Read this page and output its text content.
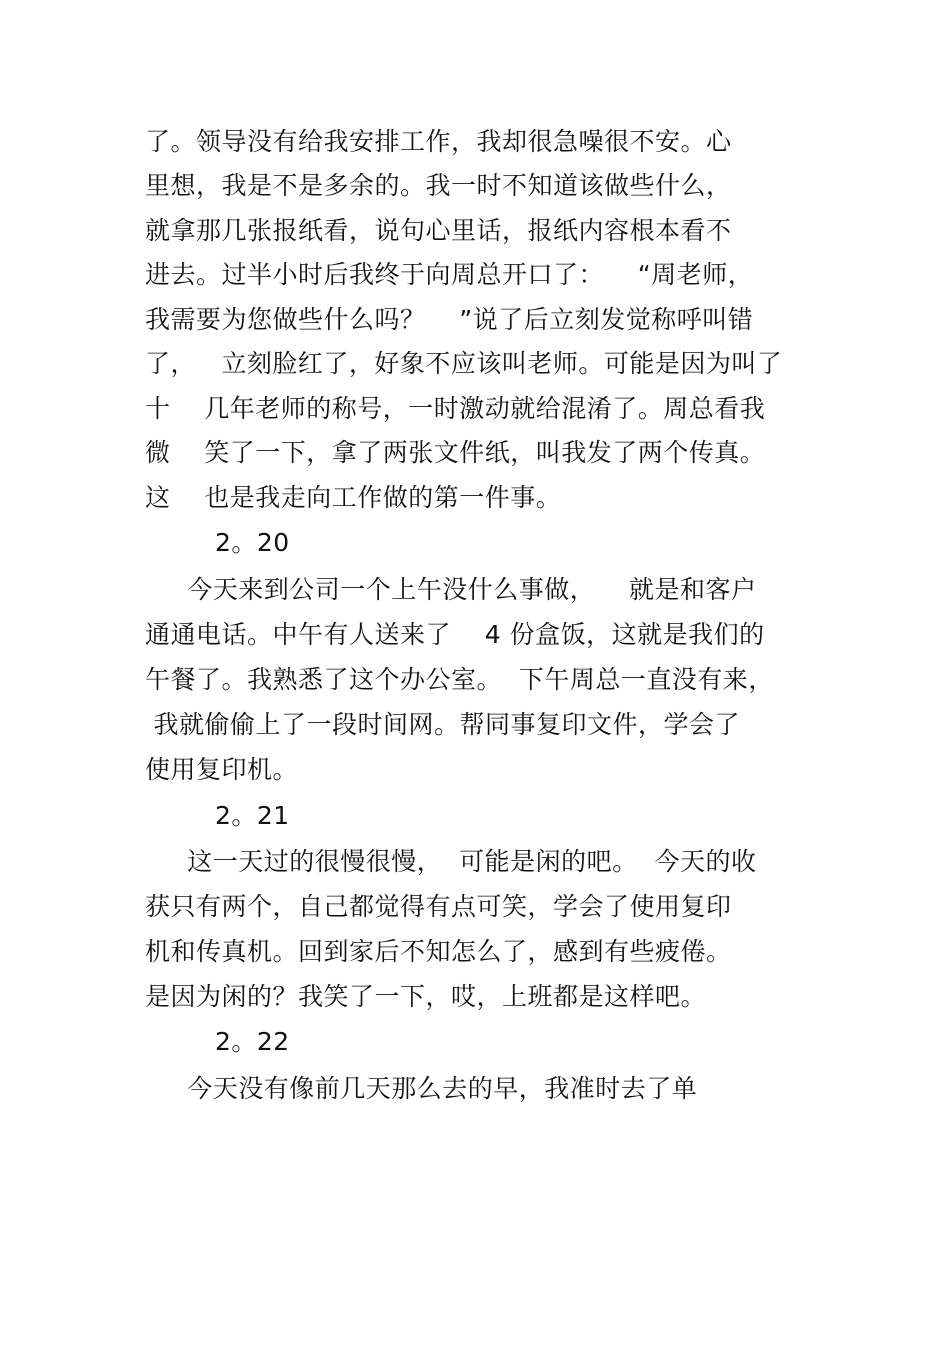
了。领导没有给我安排工作，我却很急噪很不安。心
里想，我是不是多余的。我一时不知道该做些什么，
就拿那几张报纸看，说句心里话，报纸内容根本看不
进去。过半小时后我终于向周总开口了：    “周老师，
我需要为您做些什么吗？    ”说了后立刻发觉称呼叫错
了，   立刻脸红了，好象不应该叫老师。可能是因为叫了
十    几年老师的称号，一时激动就给混淆了。周总看我
微    笑了一下，拿了两张文件纸，叫我发了两个传真。
这    也是我走向工作做的第一件事。
2。20
今天来到公司一个上午没什么事做，    就是和客户
通通电话。中午有人送来了    4 份盒饭，这就是我们的
午餐了。我熟悉了这个办公室。  下午周总一直没有来，
我就偷偷上了一段时间网。帮同事复印文件，学会了
使用复印机。
2。21
这一天过的很慢很慢，  可能是闲的吧。  今天的收
获只有两个，自己都觉得有点可笑，学会了使用复印
机和传真机。回到家后不知怎么了，感到有些疲倦。
是因为闲的？我笑了一下，哎，上班都是这样吧。
2。22
今天没有像前几天那么去的早，我准时去了单
